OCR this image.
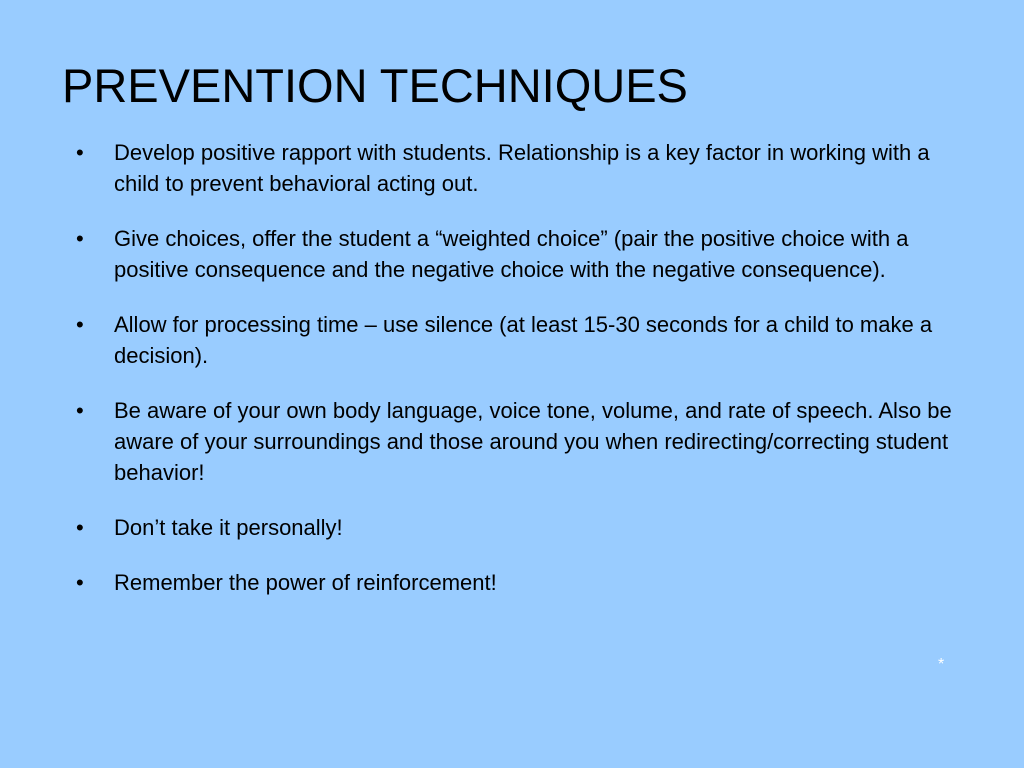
PREVENTION TECHNIQUES
• Develop positive rapport with students. Relationship is a key factor in working with a child to prevent behavioral acting out.
• Give choices, offer the student a “weighted choice” (pair the positive choice with a positive consequence and the negative choice with the negative consequence).
• Allow for processing time – use silence (at least 15-30 seconds for a child to make a decision).
• Be aware of your own body language, voice tone, volume, and rate of speech. Also be aware of your surroundings and those around you when redirecting/correcting student behavior!
• Don’t take it personally!
• Remember the power of reinforcement!
*
